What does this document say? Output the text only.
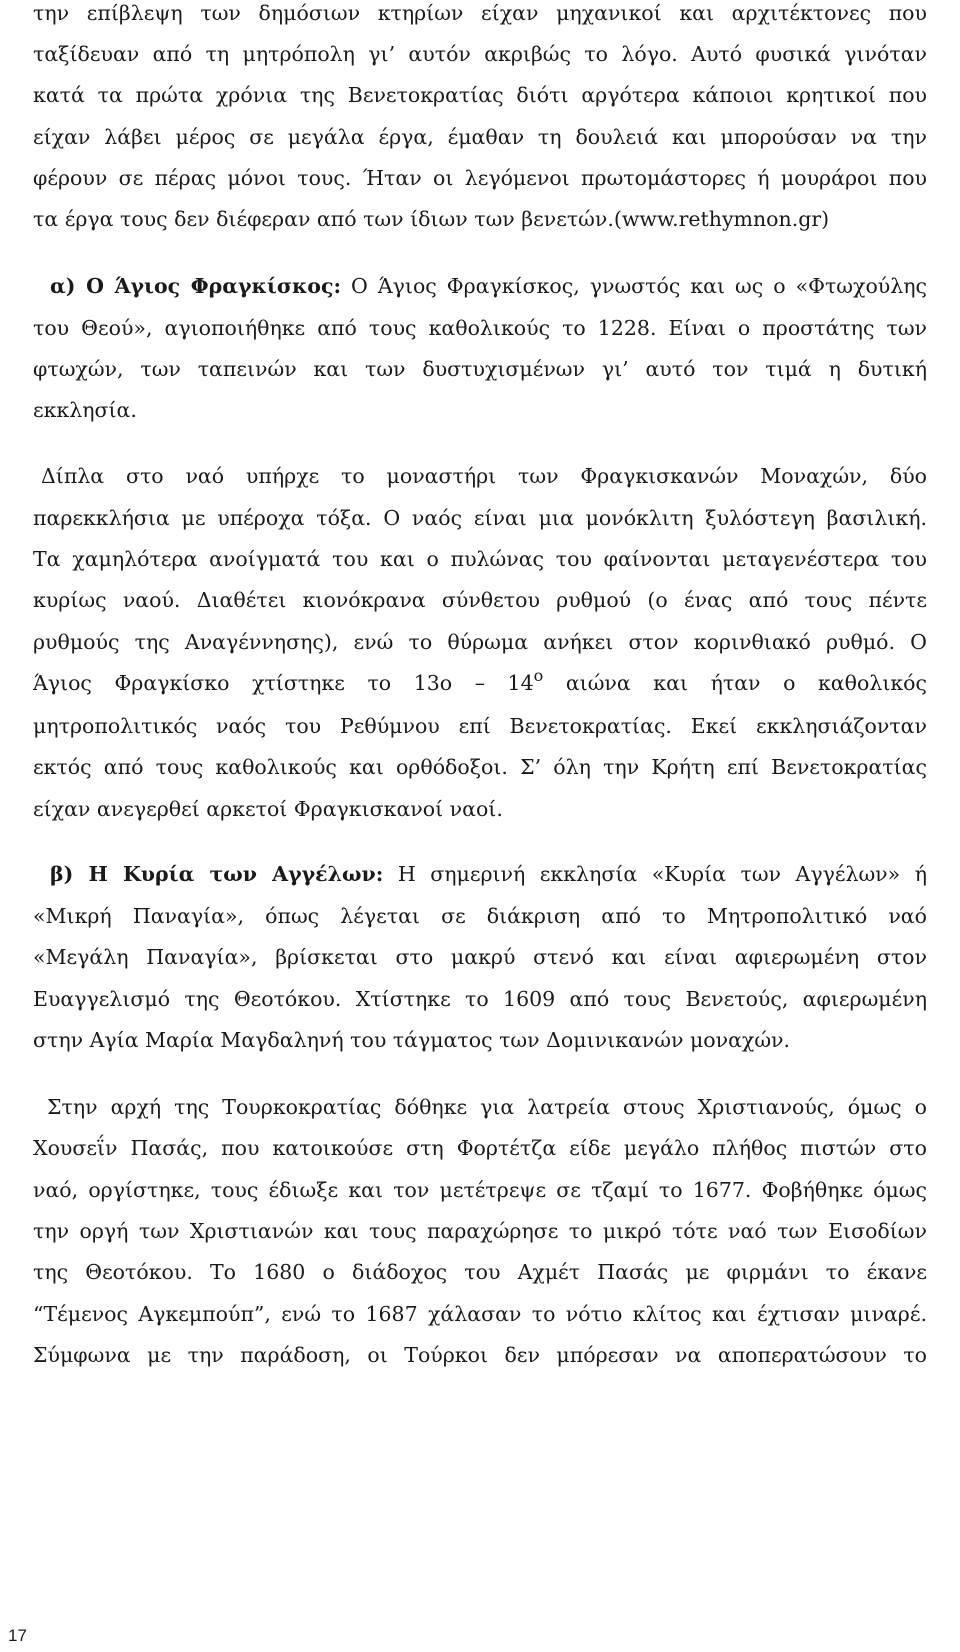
την επίβλεψη των δημόσιων κτηρίων είχαν μηχανικοί και αρχιτέκτονες που
ταξίδευαν από τη μητρόπολη γι’ αυτόν ακριβώς το λόγο. Αυτό φυσικά γινόταν
κατά τα πρώτα χρόνια της Βενετοκρατίας διότι αργότερα κάποιοι κρητικοί που
είχαν λάβει μέρος σε μεγάλα έργα, έμαθαν τη δουλειά και μπορούσαν να την
φέρουν σε πέρας μόνοι τους. Ήταν οι λεγόμενοι πρωτομάστορες ή μουράροι που
τα έργα τους δεν διέφεραν από των ίδιων των βενετών.(www.rethymnon.gr)
α) Ο Άγιος Φραγκίσκος: Ο Άγιος Φραγκίσκος, γνωστός και ως ο «Φτωχούλης
του Θεού», αγιοποιήθηκε από τους καθολικούς το 1228. Είναι ο προστάτης των
φτωχών, των ταπεινών και των δυστυχισμένων γι’ αυτό τον τιμά η δυτική
εκκλησία.
Δίπλα στο ναό υπήρχε το μοναστήρι των Φραγκισκανών Μοναχών, δύο
παρεκκλήσια με υπέροχα τόξα. Ο ναός είναι μια μονόκλιτη ξυλόστεγη βασιλική.
Τα χαμηλότερα ανοίγματά του και ο πυλώνας του φαίνονται μεταγενέστερα του
κυρίως ναού. Διαθέτει κιονόκρανα σύνθετου ρυθμού (ο ένας από τους πέντε
ρυθμούς της Αναγέννησης), ενώ το θύρωμα ανήκει στον κορινθιακό ρυθμό. Ο
Άγιος Φραγκίσκο χτίστηκε το $13o - 14^o$ αιώνα και ήταν ο καθολικός
μητροπολιτικός ναός του Ρεθύμνου επί Βενετοκρατίας. Εκεί εκκλησιάζονταν
εκτός από τους καθολικούς και ορθόδοξοι. Σ’ όλη την Κρήτη επί Βενετοκρατίας
είχαν ανεγερθεί αρκετοί Φραγκισκανοί ναοί.
β) Η Κυρία των Αγγέλων: Η σημερινή εκκλησία «Κυρία των Αγγέλων» ή
«Μικρή Παναγία», όπως λέγεται σε διάκριση από το Μητροπολιτικό ναό
«Μεγάλη Παναγία», βρίσκεται στο μακρύ στενό και είναι αφιερωμένη στον
Ευαγγελισμό της Θεοτόκου. Χτίστηκε το 1609 από τους Βενετούς, αφιερωμένη
στην Αγία Μαρία Μαγδαληνή του τάγματος των Δομινικανών μοναχών.
Στην αρχή της Τουρκοκρατίας δόθηκε για λατρεία στους Χριστιανούς, όμως ο
Χουσεΐν Πασάς, που κατοικούσε στη Φορτέτζα είδε μεγάλο πλήθος πιστών στο
ναό, οργίστηκε, τους έδιωξε και τον μετέτρεψε σε τζαμί το 1677. Φοβήθηκε όμως
την οργή των Χριστιανών και τους παραχώρησε το μικρό τότε ναό των Εισοδίων
της Θεοτόκου. Το 1680 ο διάδοχος του Αχμέτ Πασάς με φιρμάνι το έκανε
“Τέμενος Αγκεμπούπ”, ενώ το 1687 χάλασαν το νότιο κλίτος και έχτισαν μιναρέ.
Σύμφωνα με την παράδοση, οι Τούρκοι δεν μπόρεσαν να αποπερατώσουν το
17
